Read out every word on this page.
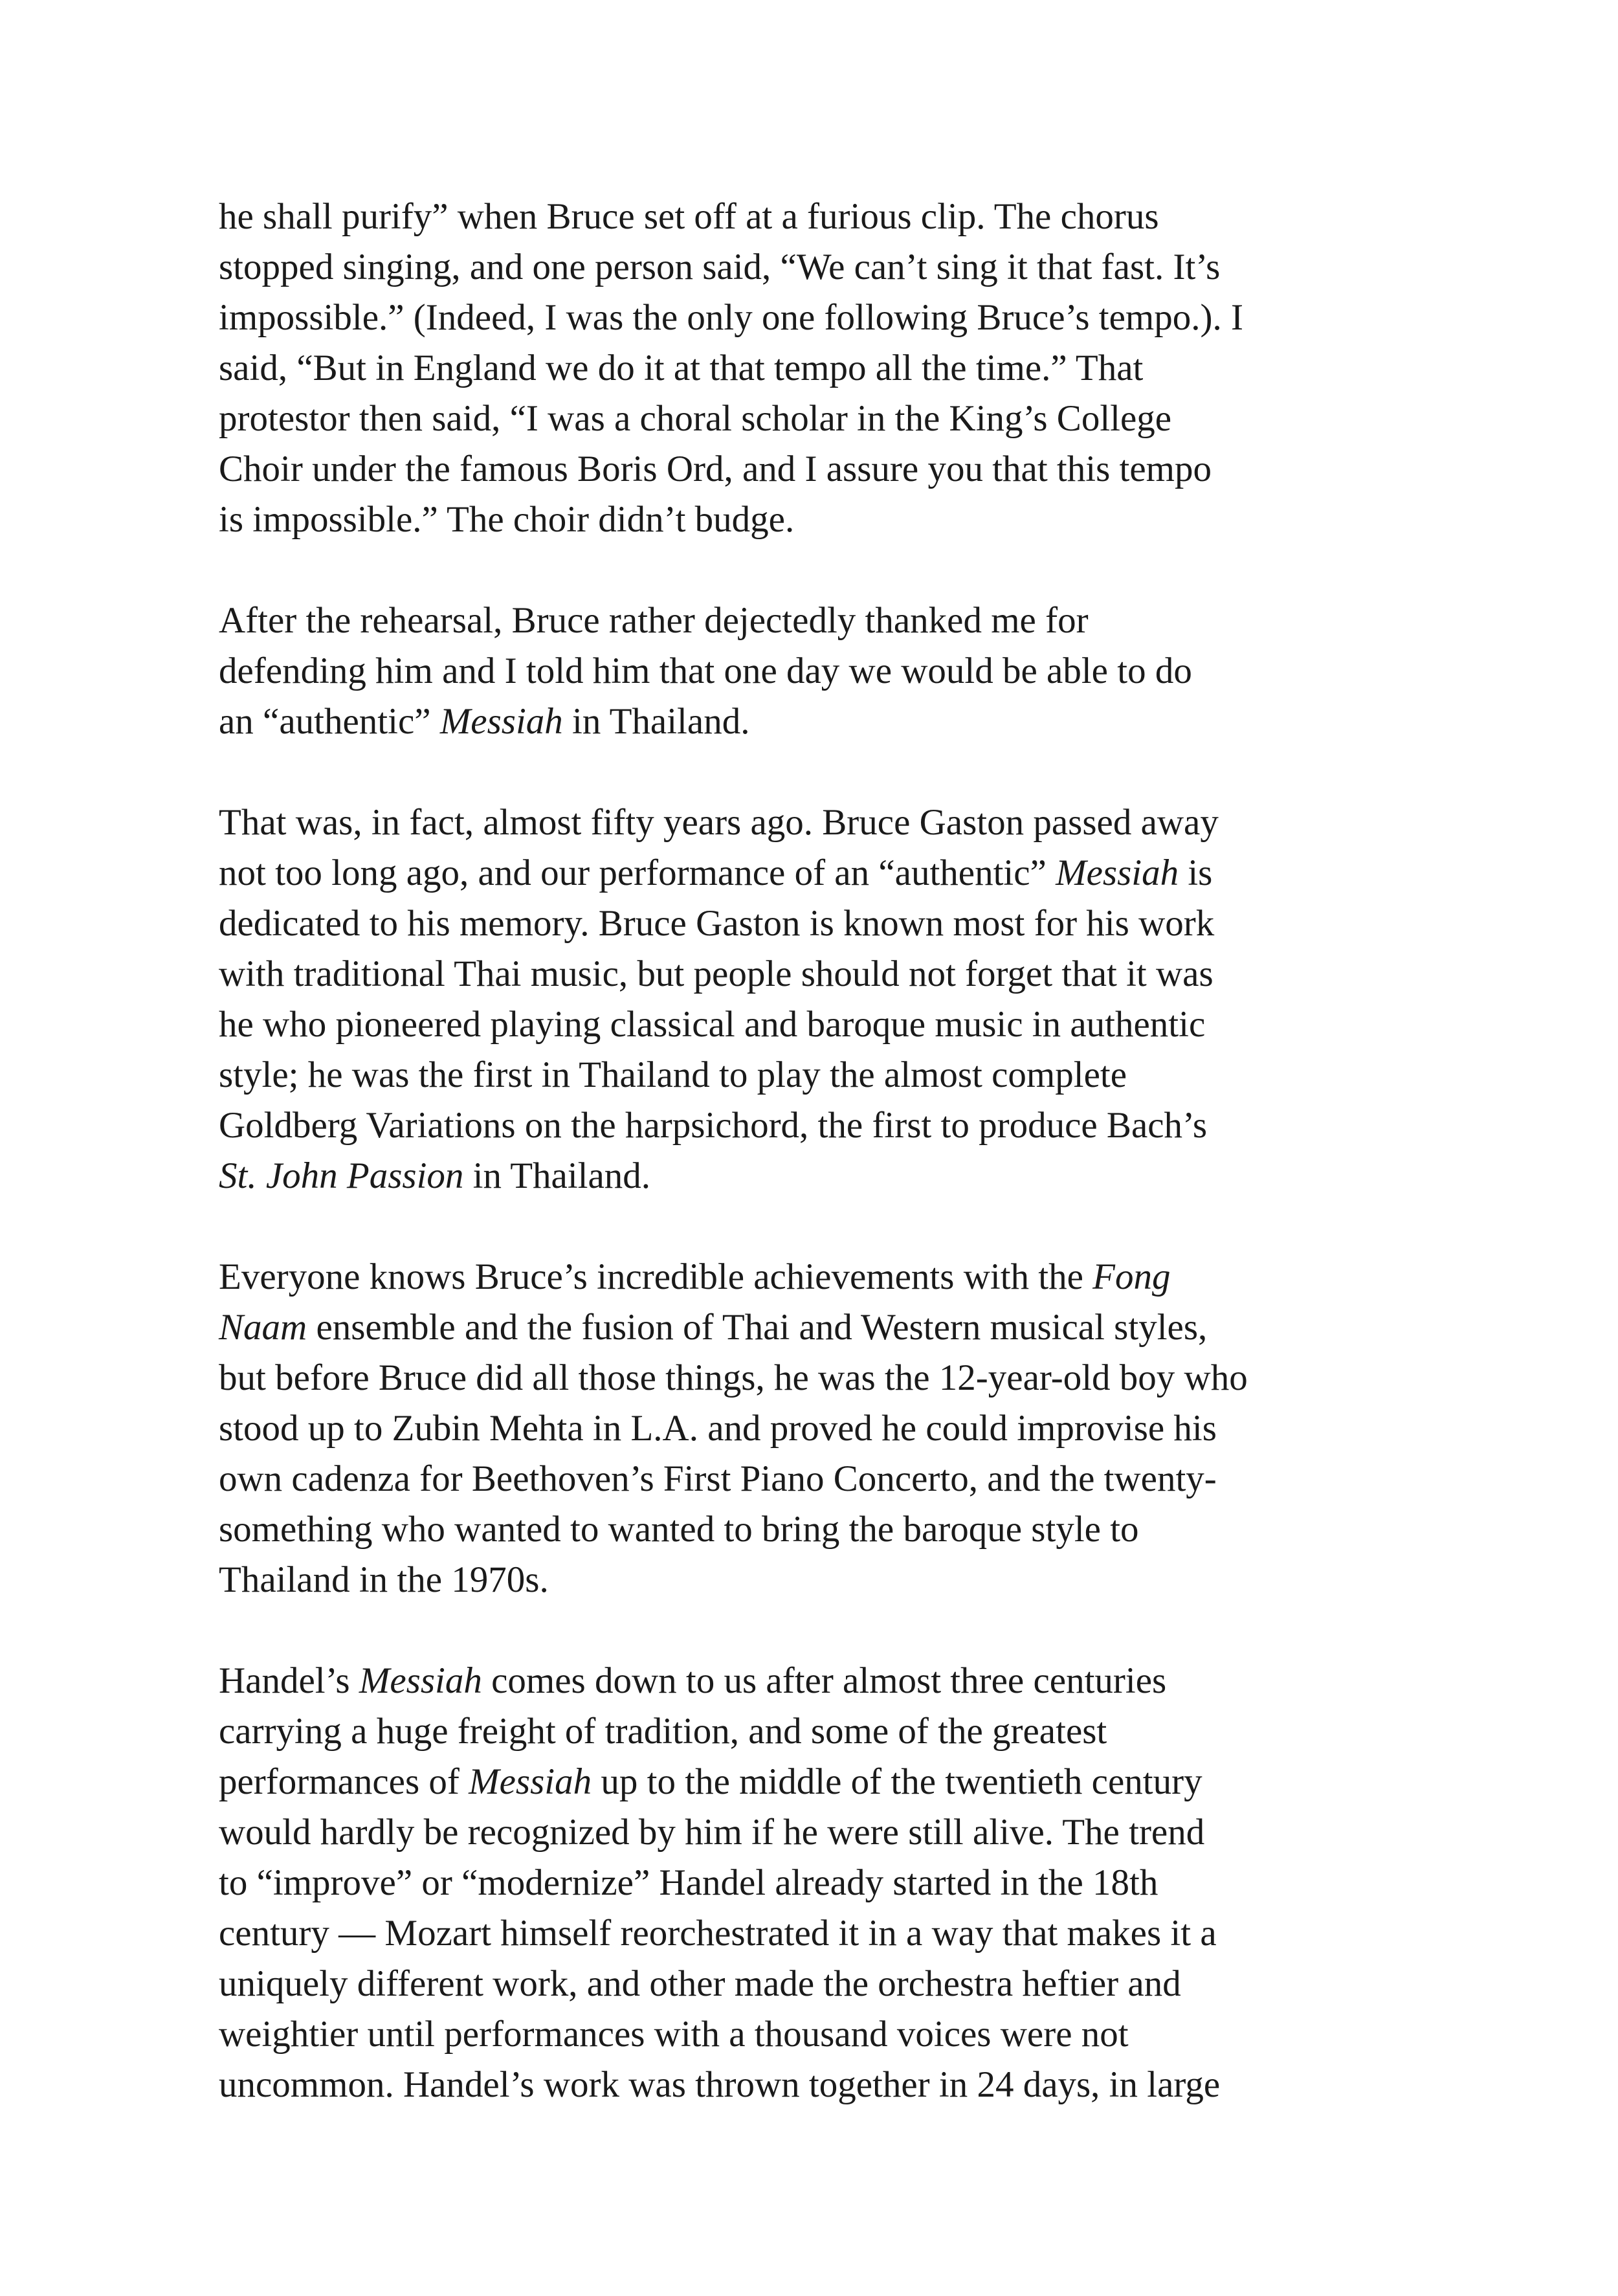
he shall purify” when Bruce set off at a furious clip. The chorus
stopped singing, and one person said, “We can’t sing it that fast. It’s
impossible.” (Indeed, I was the only one following Bruce’s tempo.). I
said, “But in England we do it at that tempo all the time.” That
protestor then said, “I was a choral scholar in the King’s College
Choir under the famous Boris Ord, and I assure you that this tempo
is impossible.” The choir didn’t budge.

After the rehearsal, Bruce rather dejectedly thanked me for
defending him and I told him that one day we would be able to do
an “authentic” Messiah in Thailand.

That was, in fact, almost fifty years ago. Bruce Gaston passed away
not too long ago, and our performance of an “authentic” Messiah is
dedicated to his memory. Bruce Gaston is known most for his work
with traditional Thai music, but people should not forget that it was
he who pioneered playing classical and baroque music in authentic
style; he was the first in Thailand to play the almost complete
Goldberg Variations on the harpsichord, the first to produce Bach’s
St. John Passion in Thailand.

Everyone knows Bruce’s incredible achievements with the Fong
Naam ensemble and the fusion of Thai and Western musical styles,
but before Bruce did all those things, he was the 12-year-old boy who
stood up to Zubin Mehta in L.A. and proved he could improvise his
own cadenza for Beethoven’s First Piano Concerto, and the twenty-
something who wanted to wanted to bring the baroque style to
Thailand in the 1970s.

Handel’s Messiah comes down to us after almost three centuries
carrying a huge freight of tradition, and some of the greatest
performances of Messiah up to the middle of the twentieth century
would hardly be recognized by him if he were still alive. The trend
to “improve” or “modernize” Handel already started in the 18th
century — Mozart himself reorchestrated it in a way that makes it a
uniquely different work, and other made the orchestra heftier and
weightier until performances with a thousand voices were not
uncommon. Handel’s work was thrown together in 24 days, in large
